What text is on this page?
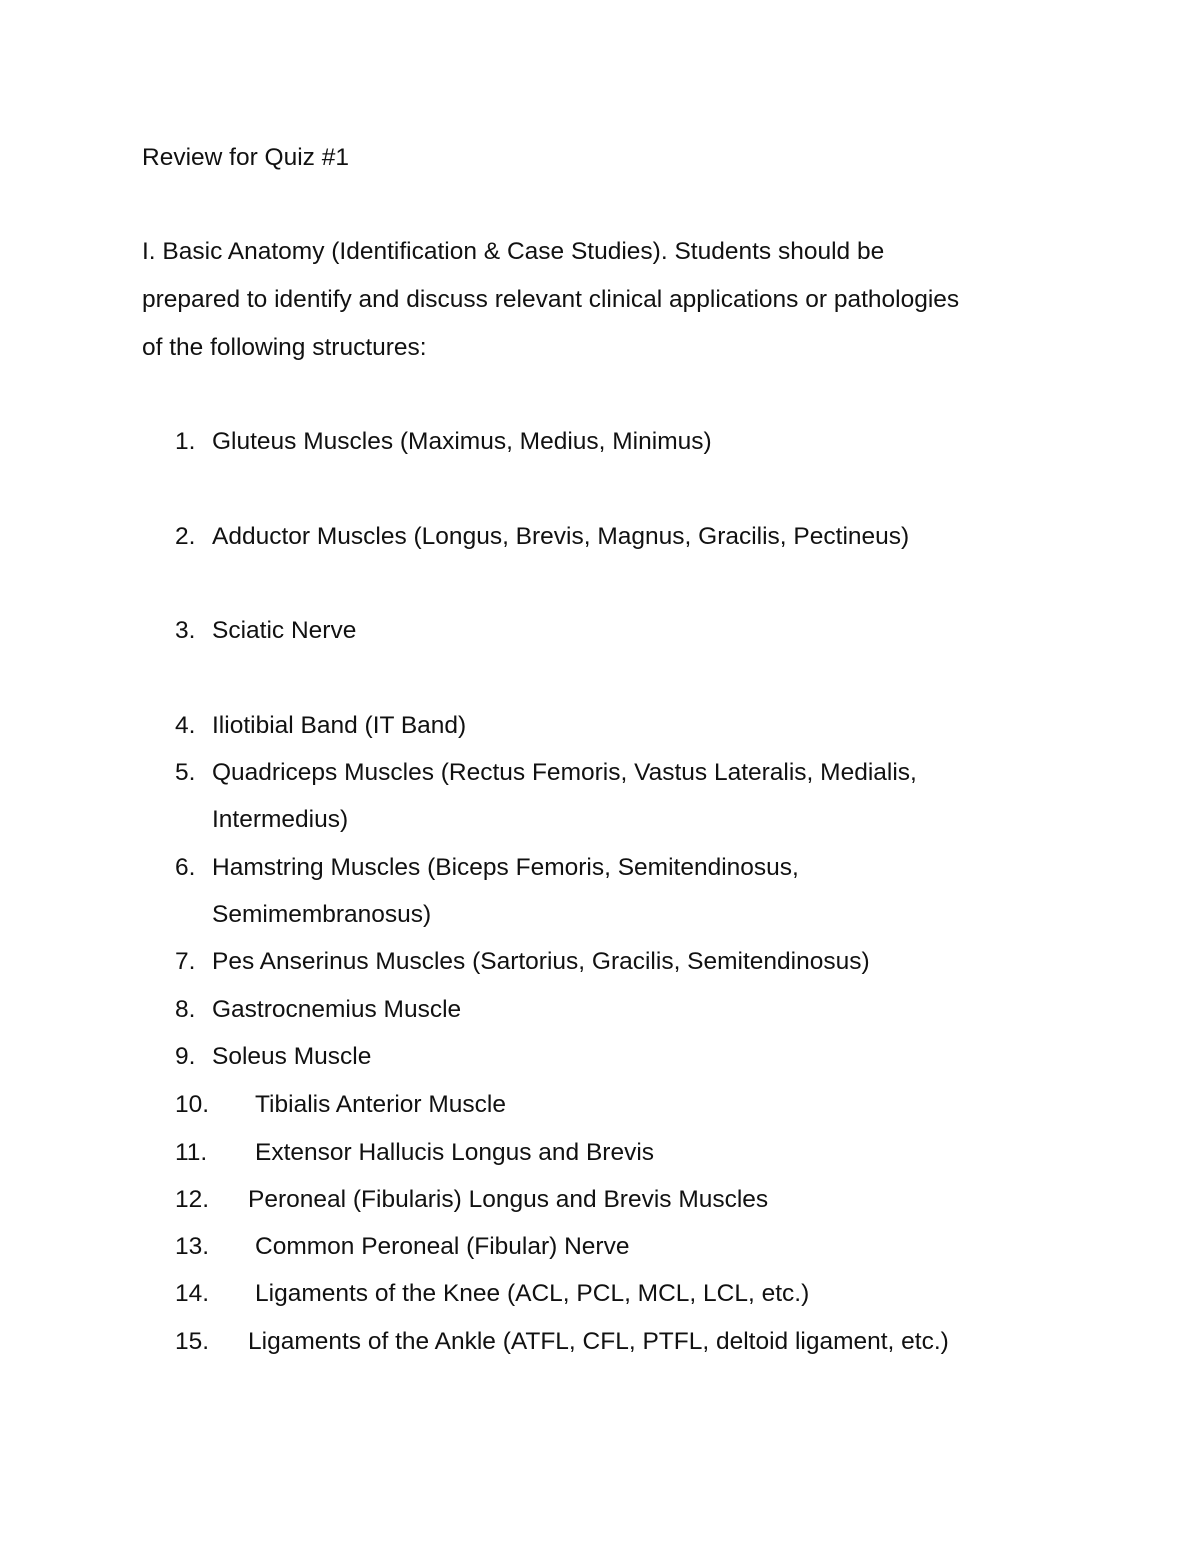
Review for Quiz #1

I. Basic Anatomy (Identification & Case Studies). Students should be
prepared to identify and discuss relevant clinical applications or pathologies
of the following structures:

1. Gluteus Muscles (Maximus, Medius, Minimus)
2. Adductor Muscles (Longus, Brevis, Magnus, Gracilis, Pectineus)
3. Sciatic Nerve
4. Iliotibial Band (IT Band)
5. Quadriceps Muscles (Rectus Femoris, Vastus Lateralis, Medialis,
Intermedius)
6. Hamstring Muscles (Biceps Femoris, Semitendinosus,
Semimembranosus)
7. Pes Anserinus Muscles (Sartorius, Gracilis, Semitendinosus)
8. Gastrocnemius Muscle
9. Soleus Muscle
10. Tibialis Anterior Muscle
11. Extensor Hallucis Longus and Brevis
12. Peroneal (Fibularis) Longus and Brevis Muscles
13. Common Peroneal (Fibular) Nerve
14. Ligaments of the Knee (ACL, PCL, MCL, LCL, etc.)
15. Ligaments of the Ankle (ATFL, CFL, PTFL, deltoid ligament, etc.)
